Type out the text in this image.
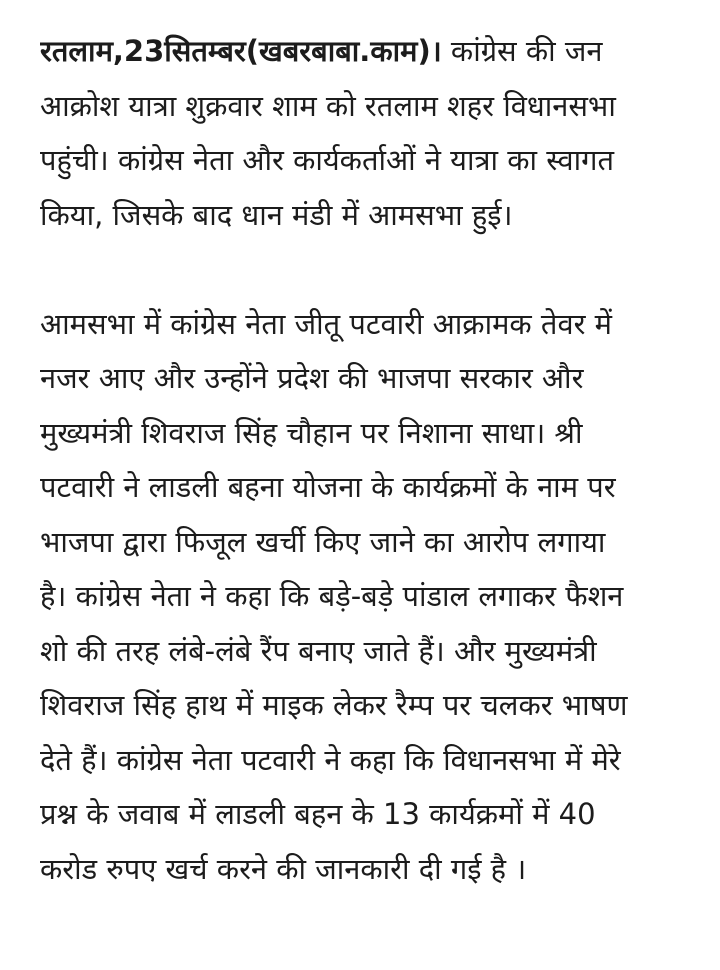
रतलाम,23सितम्बर(खबरबाबा.काम)। कांग्रेस की जन
आक्रोश यात्रा शुक्रवार शाम को रतलाम शहर विधानसभा
पहुंची। कांग्रेस नेता और कार्यकर्ताओं ने यात्रा का स्वागत
किया, जिसके बाद धान मंडी में आमसभा हुई।
आमसभा में कांग्रेस नेता जीतू पटवारी आक्रामक तेवर में
नजर आए और उन्होंने प्रदेश की भाजपा सरकार और
मुख्यमंत्री शिवराज सिंह चौहान पर निशाना साधा। श्री
पटवारी ने लाडली बहना योजना के कार्यक्रमों के नाम पर
भाजपा द्वारा फिजूल खर्ची किए जाने का आरोप लगाया
है। कांग्रेस नेता ने कहा कि बड़े-बड़े पांडाल लगाकर फैशन
शो की तरह लंबे-लंबे रैंप बनाए जाते हैं। और मुख्यमंत्री
शिवराज सिंह हाथ में माइक लेकर रैम्प पर चलकर भाषण
देते हैं। कांग्रेस नेता पटवारी ने कहा कि विधानसभा में मेरे
प्रश्न के जवाब में लाडली बहन के 13 कार्यक्रमों में 40
करोड रुपए खर्च करने की जानकारी दी गई है ।
